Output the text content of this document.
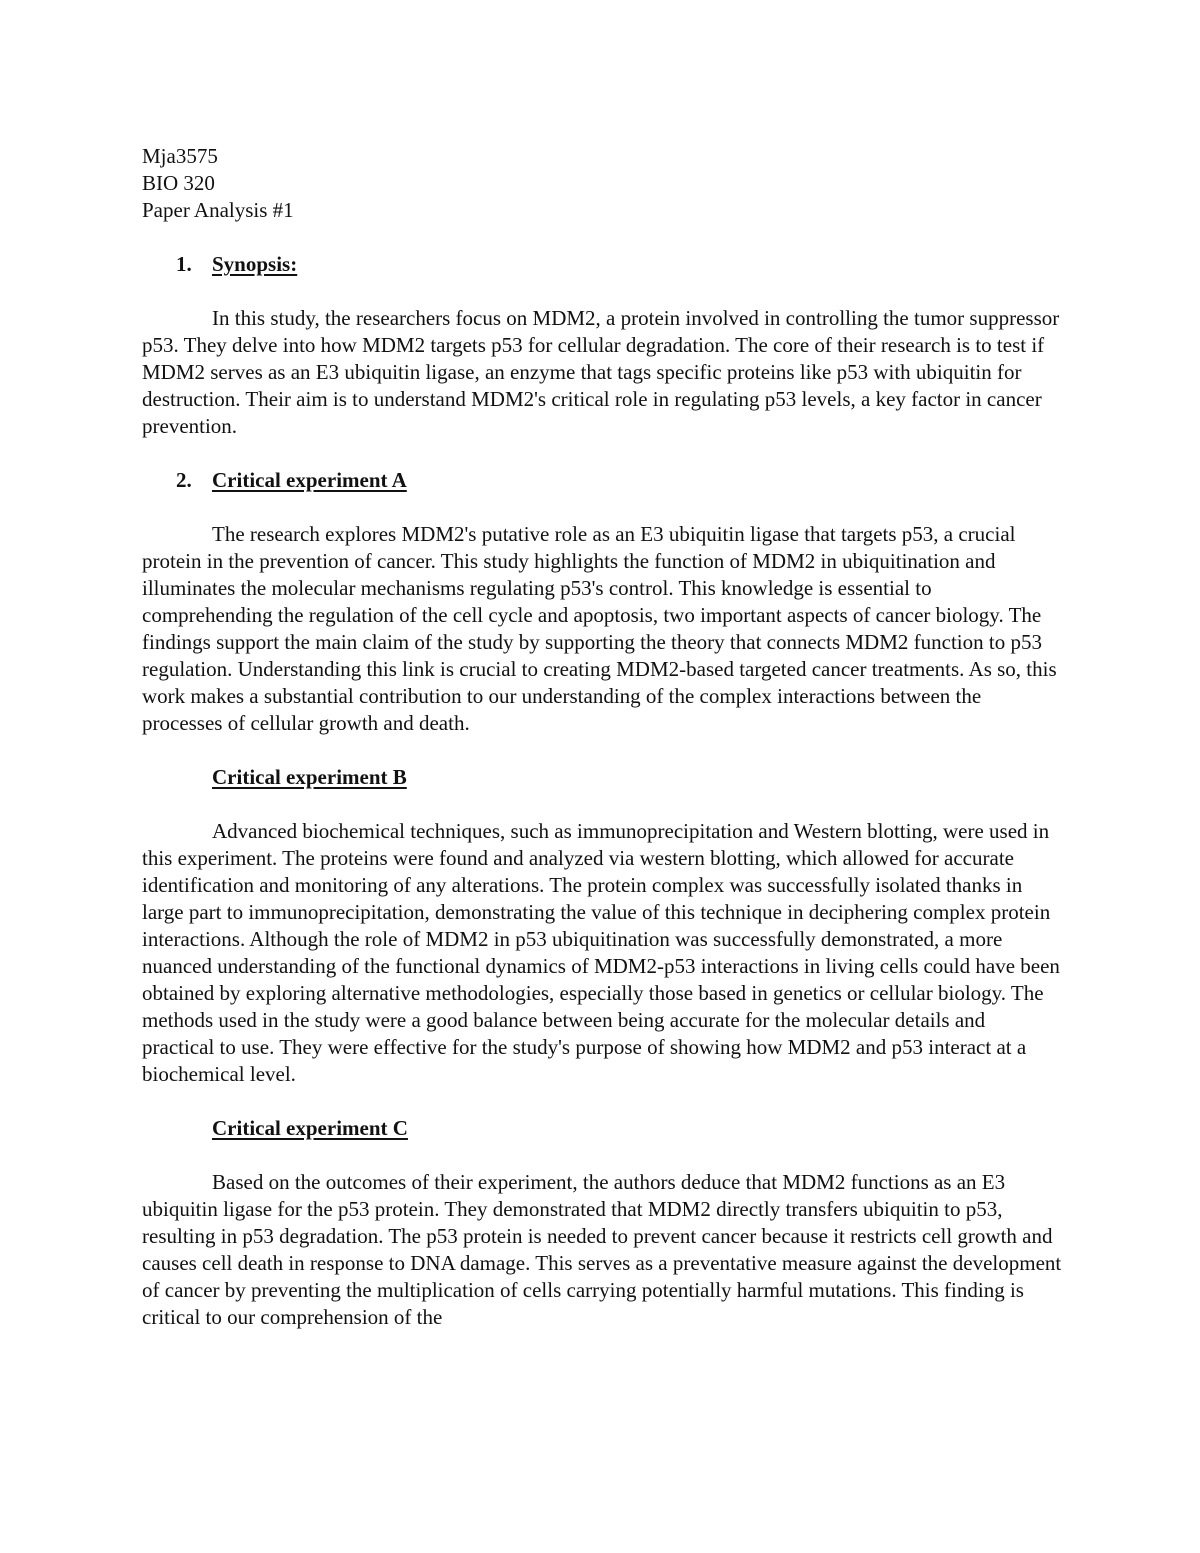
Mja3575
BIO 320
Paper Analysis #1
1. Synopsis:

In this study, the researchers focus on MDM2, a protein involved in controlling the tumor suppressor p53. They delve into how MDM2 targets p53 for cellular degradation. The core of their research is to test if MDM2 serves as an E3 ubiquitin ligase, an enzyme that tags specific proteins like p53 with ubiquitin for destruction. Their aim is to understand MDM2's critical role in regulating p53 levels, a key factor in cancer prevention.

2. Critical experiment A

The research explores MDM2's putative role as an E3 ubiquitin ligase that targets p53, a crucial protein in the prevention of cancer. This study highlights the function of MDM2 in ubiquitination and illuminates the molecular mechanisms regulating p53's control. This knowledge is essential to comprehending the regulation of the cell cycle and apoptosis, two important aspects of cancer biology. The findings support the main claim of the study by supporting the theory that connects MDM2 function to p53 regulation. Understanding this link is crucial to creating MDM2-based targeted cancer treatments. As so, this work makes a substantial contribution to our understanding of the complex interactions between the processes of cellular growth and death.

Critical experiment B

Advanced biochemical techniques, such as immunoprecipitation and Western blotting, were used in this experiment. The proteins were found and analyzed via western blotting, which allowed for accurate identification and monitoring of any alterations. The protein complex was successfully isolated thanks in large part to immunoprecipitation, demonstrating the value of this technique in deciphering complex protein interactions. Although the role of MDM2 in p53 ubiquitination was successfully demonstrated, a more nuanced understanding of the functional dynamics of MDM2-p53 interactions in living cells could have been obtained by exploring alternative methodologies, especially those based in genetics or cellular biology. The methods used in the study were a good balance between being accurate for the molecular details and practical to use. They were effective for the study's purpose of showing how MDM2 and p53 interact at a biochemical level.

Critical experiment C

Based on the outcomes of their experiment, the authors deduce that MDM2 functions as an E3 ubiquitin ligase for the p53 protein. They demonstrated that MDM2 directly transfers ubiquitin to p53, resulting in p53 degradation. The p53 protein is needed to prevent cancer because it restricts cell growth and causes cell death in response to DNA damage. This serves as a preventative measure against the development of cancer by preventing the multiplication of cells carrying potentially harmful mutations. This finding is critical to our comprehension of the
